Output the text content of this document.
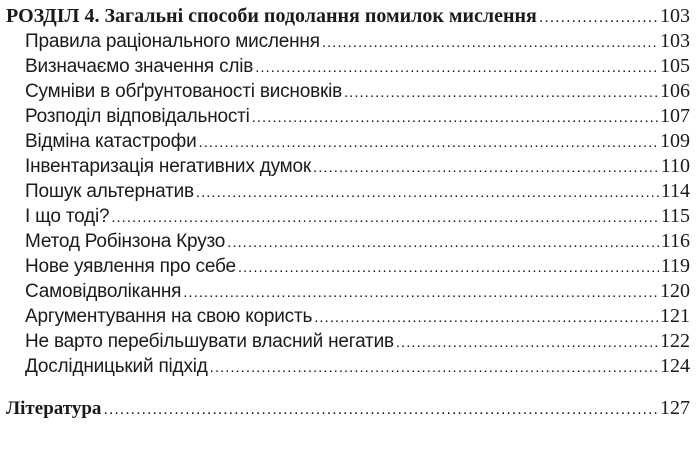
РОЗДІЛ 4. Загальні способи подолання помилок мислення .....	103
Правила раціонального мислення .....	103
Визначаємо значення слів .....	105
Сумніви в обґрунтованості висновків .....	106
Розподіл відповідальності .....	107
Відміна катастрофи .....	109
Інвентаризація негативних думок .....	110
Пошук альтернатив .....	114
І що тоді? .....	115
Метод Робінзона Крузо .....	116
Нове уявлення про себе .....	119
Самовідволікання .....	120
Аргументування на свою користь .....	121
Не варто перебільшувати власний негатив .....	122
Дослідницький підхід .....	124
Література .....	127
